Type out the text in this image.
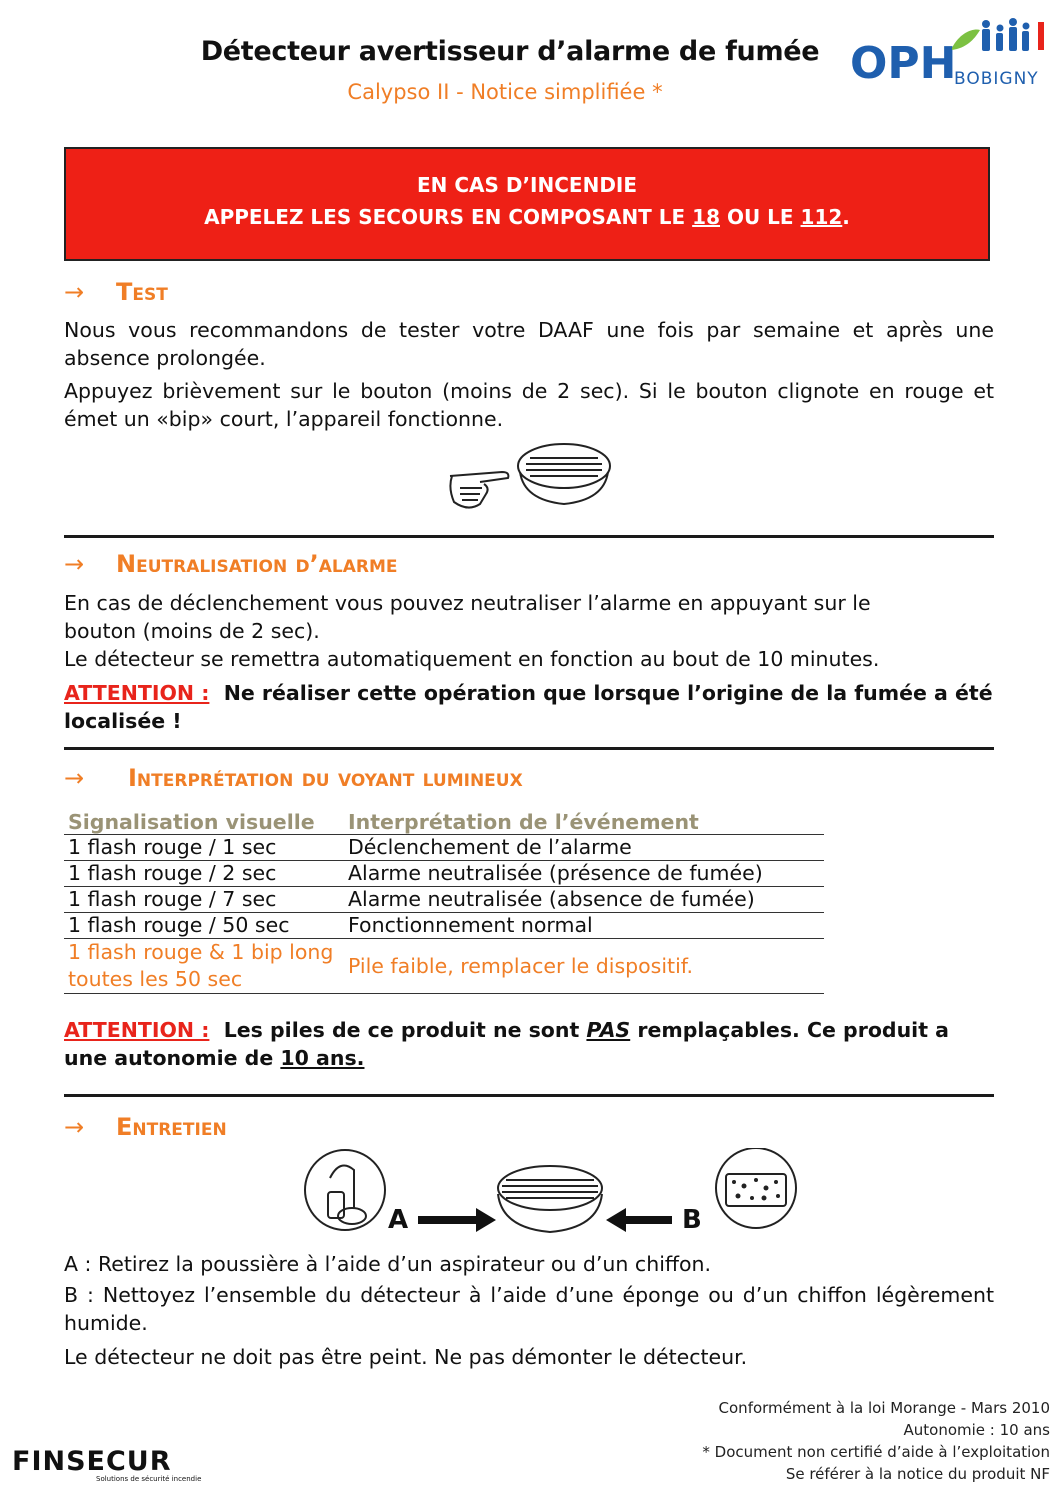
Détecteur avertisseur d’alarme de fumée
Calypso II - Notice simplifiée *
OPH
BOBIGNY
EN CAS D’INCENDIE
APPELEZ LES SECOURS EN COMPOSANT LE 18 OU LE 112.
→	Test
Nous vous recommandons de tester votre DAAF une fois par semaine et après une absence prolongée.
Appuyez brièvement sur le bouton (moins de 2 sec). Si le bouton clignote en rouge et émet un «bip» court, l’appareil fonctionne.
→	Neutralisation d’alarme
En cas de déclenchement vous pouvez neutraliser l’alarme en appuyant sur le bouton (moins de 2 sec).
Le détecteur se remettra automatiquement en fonction au bout de 10 minutes.
ATTENTION : Ne réaliser cette opération que lorsque l’origine de la fumée a été localisée !
→	Interprétation du voyant lumineux
Signalisation visuelle	Interprétation de l’événement
1 flash rouge / 1 sec	Déclenchement de l’alarme
1 flash rouge / 2 sec	Alarme neutralisée (présence de fumée)
1 flash rouge / 7 sec	Alarme neutralisée (absence de fumée)
1 flash rouge / 50 sec	Fonctionnement normal
1 flash rouge & 1 bip long toutes les 50 sec	Pile faible, remplacer le dispositif.
ATTENTION : Les piles de ce produit ne sont PAS remplaçables. Ce produit a une autonomie de 10 ans.
→	Entretien
A	B
A : Retirez la poussière à l’aide d’un aspirateur ou d’un chiffon.
B : Nettoyez l’ensemble du détecteur à l’aide d’une éponge ou d’un chiffon légèrement humide.
Le détecteur ne doit pas être peint. Ne pas démonter le détecteur.
Conformément à la loi Morange - Mars 2010
Autonomie : 10 ans
* Document non certifié d’aide à l’exploitation
Se référer à la notice du produit NF
FINSECUR
Solutions de sécurité incendie
